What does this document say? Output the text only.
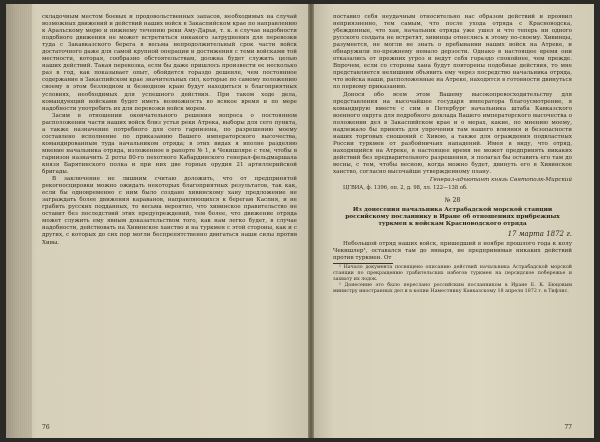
складочным местом боевых и продовольственных запасов, необходимых на случай возможных движений и действий наших войск в Закаспийском крае по направлению к Аральскому морю и нижнему течению реки Аму-Дарьи, т. к. в случае надобности подобного движения не может встретиться никакого затруднения для перевозки туда с Закавказского берега в весьма непродолжительный срок части войск достаточного даже для самой крупной операции и достижения с теми войсками той местности, которая, сообразно обстоятельствам, должна будет служить целью наших действий. Такая перевозка, если бы даже пришлось произвести ее несколько раз в год, как показывает опыт, обойдется гораздо дешевле, чем постоянное содержание в Закаспийском крае значительных сил, которые по самому положению своему в этом безлюдном и безводном краю будут находиться в благоприятных условиях, необходимых для успешного действия. При таком ходе дела, командующий войсками будет иметь возможность во всякое время и по мере надобности употребить их для перевозки войск морем.

Засим в отношении окончательного решения вопроса о постоянном расположении части наших войск близ устья реки Атрека, выборы для сего пункта, а также назначение потребного для сего гарнизона, по разрешению моему составлено исполнение по приказанию Вашего императорского высочества, командированным туда начальником отряда; в этих видах я вполне разделяю мнение начальника отряда, изложенное в рапорте № 1, в Чекишляре с тем, чтобы в гарнизон назначить 2 роты 80-го пехотного Кабардинского генерал-фельдмаршала князя Барятинского полка и при них две горных орудия 21 артиллерийской бригады.

В заключение не лишним считаю доложить, что от предпринятой рекогносцировки можно ожидать некоторых благоприятных результатов, так как, если бы одновременно с ним было создано хивинскому хану предложение не заграждать более движения караванов, направляющихся к берегам Каспия, и не грабить русских подданных, то весьма вероятно, что хивинское правительство не оставит без последствий этих предупреждений, тем более, что движение отряда может служить ему явным доказательством того, как нам легко будет, в случае надобности, действовать на Хивинское ханство и на туркмен с этой стороны, как и с других, с которых до сих пор могли беспрепятственно двигаться наши силы против Хивы.

76

поставил себя неудачным относительно нас образом действий и проявил неприязненно, тем самым, что после ухода отряда с Красноводска, убежденные, что хан, начальник отряда уже ушел и что теперь ни одного русского солдата не встретят, хивинцы отнеслись к этому по-своему. Хивинцы, разумеется, не могли не знать о пребывании наших войск на Атреке, и обнаружили по-прежнему немало дерзости. Однако в настоящее время они отказались от прежних угроз и ведут себя гораздо спокойнее, чем прежде. Впрочем, если со стороны хана будут повторены подобные действия, то мне представляется нелишним объявить ему через посредство начальника отряда, что войска наши, расположенные на Атреке, находятся в готовности двинуться по первому приказанию.

Донося обо всем этом Вашему высокопревосходительству для представления на высочайшее государя императора благоусмотрение, я командирую вместе с сим в Петербург начальника штаба Кавказского военного округа для подробного доклада Вашего императорского высочества о положении дел в Закаспийском крае и о мерах, какие, по мнению моему, надлежало бы принять для упрочения там нашего влияния и безопасности наших торговых сношений с Хивою, а также для ограждения подвластных России туркмен от разбойничьих нападений. Имея в виду, что отряд, находящийся на Атреке, в настоящее время не может предпринять никаких действий без предварительного разрешения, я полагал бы оставить его там до весны, с тем, чтобы весною, когда можно будет, двинуть его в Хивинское ханство, согласно высочайше утвержденному плану.

Генерал-адъютант князь Святополк-Мирский

ЦГВИА, ф. 1396, оп. 2, д. 98, лл. 122—138 об.

№ 28
Из донесения начальника Астрабадской морской станции российскому посланнику в Иране об отношениях прибрежных туркмен к войскам Красноводского отряда
17 марта 1872 г.

Небольшой отряд наших войск, пришедший в ноябре прошлого года к колу Чекишлер¹, оставался там до января, не предпринимая никаких действий против туркмен. От

¹ Начало документа посвящено описанию действий начальника Астрабадской морской станции по прекращению грабительских набегов туркмен на персидское побережье и захвату их лодок.

² Донесение это было переслано российским посланником в Иране Е. К. Бюцовым министру иностранных дел и в копии Наместнику Кавказскому 18 апреля 1872 г. в Тифлис.

77
